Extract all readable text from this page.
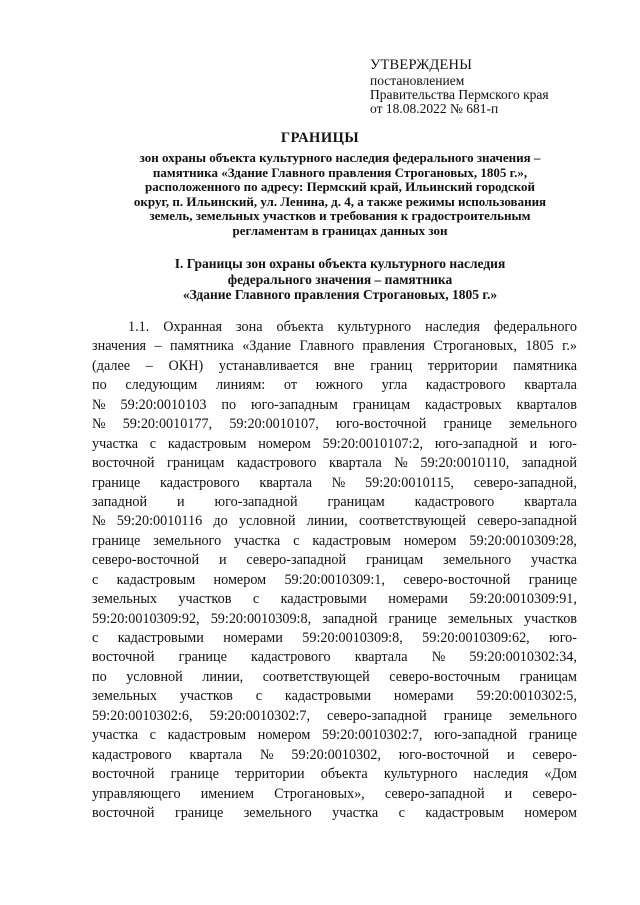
УТВЕРЖДЕНЫ
постановлением
Правительства Пермского края
от 18.08.2022 № 681-п
ГРАНИЦЫ
зон охраны объекта культурного наследия федерального значения –
памятника «Здание Главного правления Строгановых, 1805 г.»,
расположенного по адресу: Пермский край, Ильинский городской
округ, п. Ильинский, ул. Ленина, д. 4, а также режимы использования
земель, земельных участков и требования к градостроительным
регламентам в границах данных зон
I. Границы зон охраны объекта культурного наследия
федерального значения – памятника
«Здание Главного правления Строгановых, 1805 г.»
1.1. Охранная зона объекта культурного наследия федерального
значения – памятника «Здание Главного правления Строгановых, 1805 г.»
(далее – ОКН) устанавливается вне границ территории памятника
по следующим линиям: от южного угла кадастрового квартала
№ 59:20:0010103 по юго-западным границам кадастровых кварталов
№ 59:20:0010177, 59:20:0010107, юго-восточной границе земельного
участка с кадастровым номером 59:20:0010107:2, юго-западной и юго-
восточной границам кадастрового квартала № 59:20:0010110, западной
границе кадастрового квартала № 59:20:0010115, северо-западной,
западной и юго-западной границам кадастрового квартала
№ 59:20:0010116 до условной линии, соответствующей северо-западной
границе земельного участка с кадастровым номером 59:20:0010309:28,
северо-восточной и северо-западной границам земельного участка
с кадастровым номером 59:20:0010309:1, северо-восточной границе
земельных участков с кадастровыми номерами 59:20:0010309:91,
59:20:0010309:92, 59:20:0010309:8, западной границе земельных участков
с кадастровыми номерами 59:20:0010309:8, 59:20:0010309:62, юго-
восточной границе кадастрового квартала № 59:20:0010302:34,
по условной линии, соответствующей северо-восточным границам
земельных участков с кадастровыми номерами 59:20:0010302:5,
59:20:0010302:6, 59:20:0010302:7, северо-западной границе земельного
участка с кадастровым номером 59:20:0010302:7, юго-западной границе
кадастрового квартала № 59:20:0010302, юго-восточной и северо-
восточной границе территории объекта культурного наследия «Дом
управляющего имением Строгановых», северо-западной и северо-
восточной границе земельного участка с кадастровым номером
